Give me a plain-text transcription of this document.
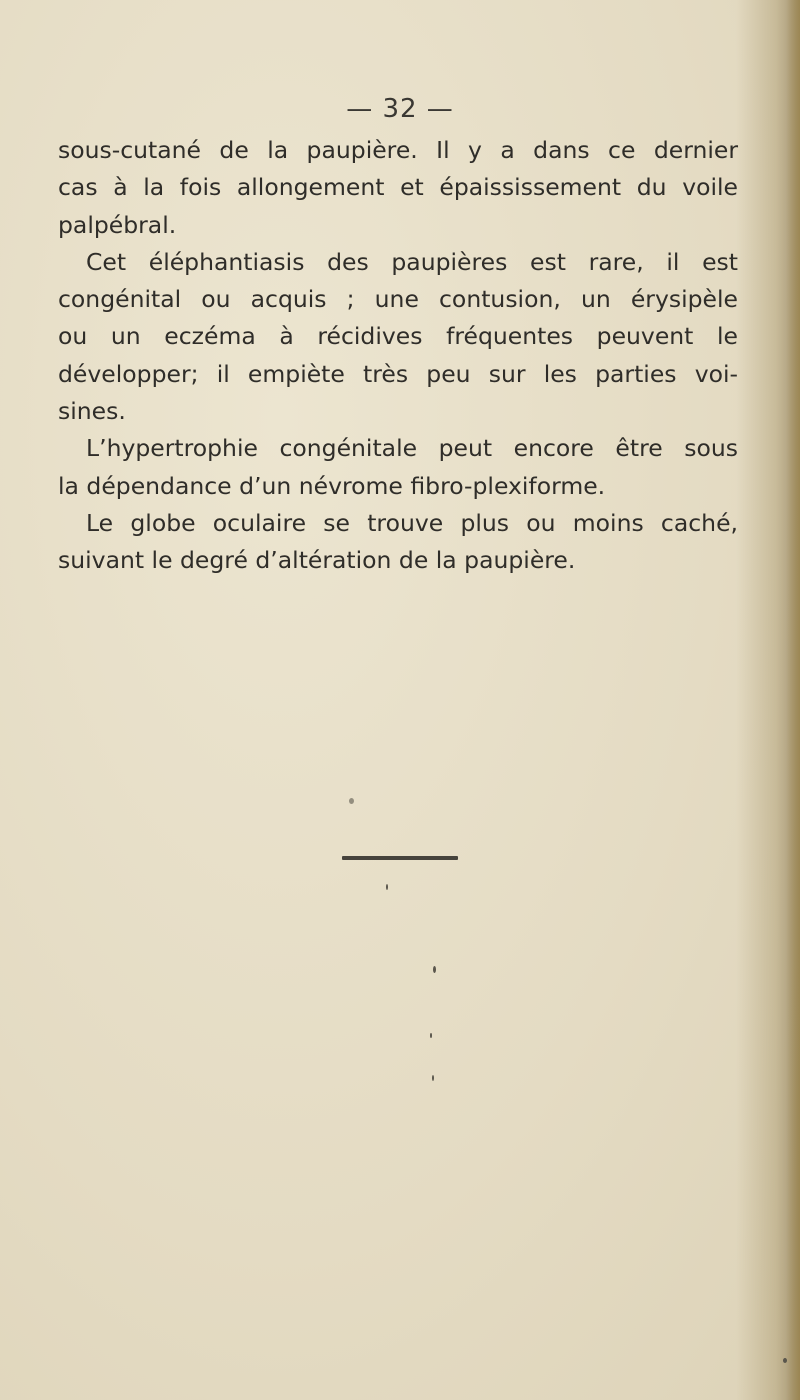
— 32 —
sous-cutané de la paupière. Il y a dans ce dernier
cas à la fois allongement et épaississement du voile
palpébral.
Cet éléphantiasis des paupières est rare, il est
congénital ou acquis ; une contusion, un érysipèle
ou un eczéma à récidives fréquentes peuvent le
développer; il empiète très peu sur les parties voi-
sines.
L’hypertrophie congénitale peut encore être sous
la dépendance d’un névrome fibro-plexiforme.
Le globe oculaire se trouve plus ou moins caché,
suivant le degré d’altération de la paupière.
